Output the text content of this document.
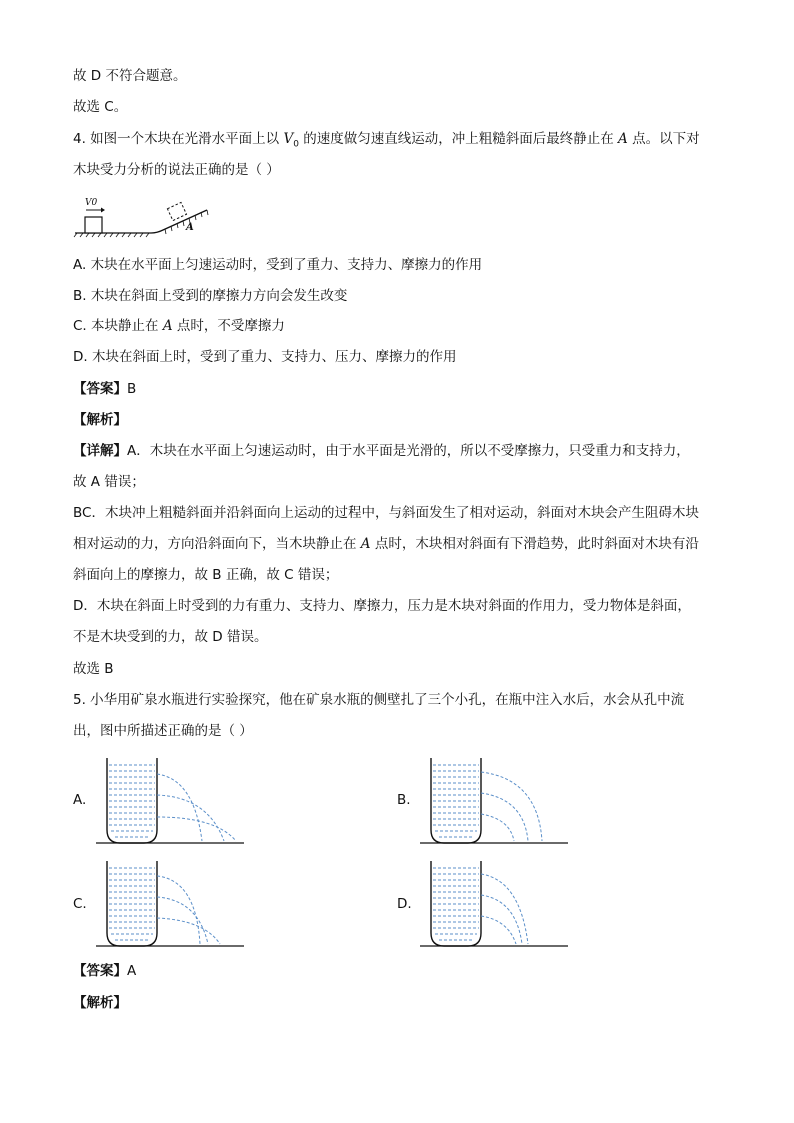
故 D 不符合题意。
故选 C。
4. 如图一个木块在光滑水平面上以 $V_0$ 的速度做匀速直线运动，冲上粗糙斜面后最终静止在 A 点。以下对
木块受力分析的说法正确的是（ ）
V0
A
A. 木块在水平面上匀速运动时，受到了重力、支持力、摩擦力的作用
B. 木块在斜面上受到的摩擦力方向会发生改变
C. 本块静止在 A 点时，不受摩擦力
D. 木块在斜面上时，受到了重力、支持力、压力、摩擦力的作用
【答案】B
【解析】
【详解】A．木块在水平面上匀速运动时，由于水平面是光滑的，所以不受摩擦力，只受重力和支持力，
故 A 错误；
BC．木块冲上粗糙斜面并沿斜面向上运动的过程中，与斜面发生了相对运动，斜面对木块会产生阻碍木块
相对运动的力，方向沿斜面向下，当木块静止在 A 点时，木块相对斜面有下滑趋势，此时斜面对木块有沿
斜面向上的摩擦力，故 B 正确，故 C 错误；
D．木块在斜面上时受到的力有重力、支持力、摩擦力，压力是木块对斜面的作用力，受力物体是斜面，
不是木块受到的力，故 D 错误。
故选 B
5. 小华用矿泉水瓶进行实验探究，他在矿泉水瓶的侧壁扎了三个小孔，在瓶中注入水后，水会从孔中流
出，图中所描述正确的是（ ）
A.	B.
C.	D.
【答案】A
【解析】
